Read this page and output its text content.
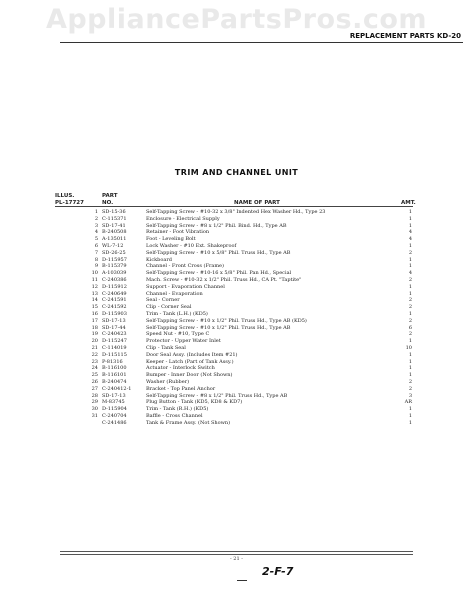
AppliancePartsPros.com
REPLACEMENT PARTS KD-20
TRIM AND CHANNEL UNIT
ILLUS.
PL-17727
PART
NO.	NAME OF PART	AMT.
1 SD-15-36	Self-Tapping Screw - #10-32 x 3/8" Indented Hex Washer Hd., Type 23	1
2 C-115371	Enclosure - Electrical Supply	1
3 SD-17-41	Self-Tapping Screw - #8 x 1/2" Phil. Bind. Hd., Type AB	1
4 B-240508	Retainer - Foot Vibration	4
5 A-135011	Foot - Leveling Bolt	4
6 WL-7-12	Lock Washer - #10 Ext. Shakeproof	1
7 SD-26-25	Self-Tapping Screw - #10 x 5/8" Phil. Truss Hd., Type AB	2
8 D-115957	Kickboard	1
9 B-115379	Channel - Front Cross (Frame)	1
10 A-103039	Self-Tapping Screw - #10-16 x 5/8" Phil. Pan Hd., Special	4
11 C-240386	Mach. Screw - #10-32 x 1/2" Phil. Truss Hd., CA Pt. "Taptite"	2
12 D-115912	Support - Evaporation Channel	1
13 C-240649	Channel - Evaporation	1
14 C-241591	Seal - Corner	2
15 C-241592	Clip - Corner Seal	2
16 D-115903	Trim - Tank (L.H.) (KD5)	1
17 SD-17-13	Self-Tapping Screw - #10 x 1/2" Phil. Truss Hd., Type AB (KD5)	2
18 SD-17-44	Self-Tapping Screw - #10 x 1/2" Phil. Truss Hd., Type AB	6
19 C-240423	Speed Nut - #10, Type C	2
20 D-115247	Protector - Upper Water Inlet	1
21 C-114019	Clip - Tank Seal	10
22 D-115115	Door Seal Assy. (Includes Item #21)	1
23 P-81316	Keeper - Latch (Part of Tank Assy.)	1
24 B-116100	Actuator - Interlock Switch	1
25 B-116101	Bumper - Inner Door (Not Shown)	1
26 B-240474	Washer (Rubber)	2
27 C-240412-1	Bracket - Top Panel Anchor	2
28 SD-17-13	Self-Tapping Screw - #8 x 1/2" Phil. Truss Hd., Type AB	3
29 M-83745	Plug Button - Tank (KD5, KD8 & KD7)	AR
30 D-115904	Trim - Tank (R.H.) (KD5)	1
31 C-240704	Baffle - Cross Channel	1
C-241486	Tank & Frame Assy. (Not Shown)	1
- 21 -
2-F-7
